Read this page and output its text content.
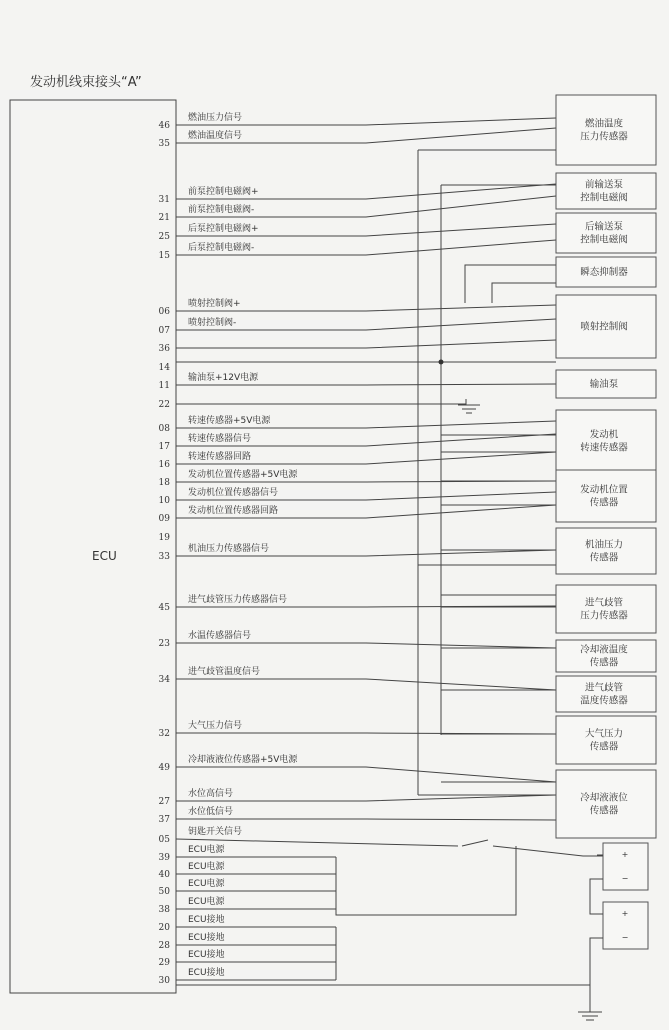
发动机线束接头“A”
ECU
46
燃油压力信号
35
燃油温度信号
31
前泵控制电磁阀+
21
前泵控制电磁阀-
25
后泵控制电磁阀+
15
后泵控制电磁阀-
06
喷射控制阀+
07
喷射控制阀-
36
14
11
输油泵+12V电源
22
08
转速传感器+5V电源
17
转速传感器信号
16
转速传感器回路
18
发动机位置传感器+5V电源
10
发动机位置传感器信号
09
发动机位置传感器回路
19
33
机油压力传感器信号
45
进气歧管压力传感器信号
23
水温传感器信号
34
进气歧管温度信号
32
大气压力信号
49
冷却液液位传感器+5V电源
27
水位高信号
37
水位低信号
05
钥匙开关信号
39
ECU电源
40
ECU电源
50
ECU电源
38
ECU电源
20
ECU接地
28
ECU接地
29
ECU接地
30
ECU接地
燃油温度
压力传感器
前输送泵
控制电磁阀
后输送泵
控制电磁阀
瞬态抑制器
喷射控制阀
输油泵
发动机
转速传感器
发动机位置
传感器
机油压力
传感器
进气歧管
压力传感器
冷却液温度
传感器
进气歧管
温度传感器
大气压力
传感器
冷却液液位
传感器
+
−
+
−
